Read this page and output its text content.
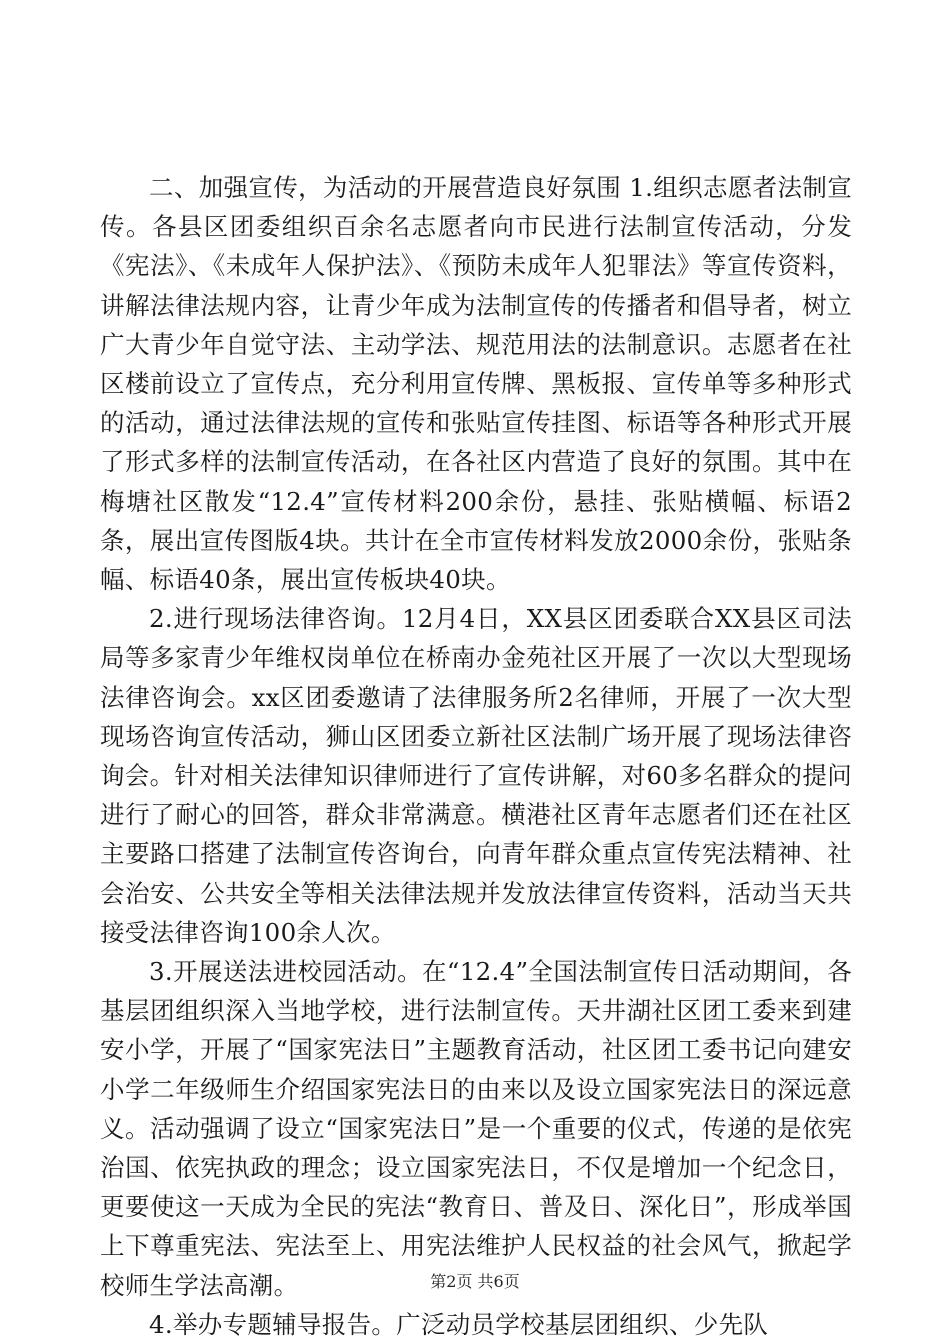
二、加强宣传，为活动的开展营造良好氛围 1.组织志愿者法制宣传。各县区团委组织百余名志愿者向市民进行法制宣传活动，分发《宪法》、《未成年人保护法》、《预防未成年人犯罪法》等宣传资料，讲解法律法规内容，让青少年成为法制宣传的传播者和倡导者，树立广大青少年自觉守法、主动学法、规范用法的法制意识。志愿者在社区楼前设立了宣传点，充分利用宣传牌、黑板报、宣传单等多种形式的活动，通过法律法规的宣传和张贴宣传挂图、标语等各种形式开展了形式多样的法制宣传活动，在各社区内营造了良好的氛围。其中在梅塘社区散发“12.4”宣传材料200余份，悬挂、张贴横幅、标语2条，展出宣传图版4块。共计在全市宣传材料发放2000余份，张贴条幅、标语40条，展出宣传板块40块。

2.进行现场法律咨询。12月4日，XX县区团委联合XX县区司法局等多家青少年维权岗单位在桥南办金苑社区开展了一次以大型现场法律咨询会。xx区团委邀请了法律服务所2名律师，开展了一次大型现场咨询宣传活动，狮山区团委立新社区法制广场开展了现场法律咨询会。针对相关法律知识律师进行了宣传讲解，对60多名群众的提问进行了耐心的回答，群众非常满意。横港社区青年志愿者们还在社区主要路口搭建了法制宣传咨询台，向青年群众重点宣传宪法精神、社会治安、公共安全等相关法律法规并发放法律宣传资料，活动当天共接受法律咨询100余人次。

3.开展送法进校园活动。在“12.4”全国法制宣传日活动期间，各基层团组织深入当地学校，进行法制宣传。天井湖社区团工委来到建安小学，开展了“国家宪法日”主题教育活动，社区团工委书记向建安小学二年级师生介绍国家宪法日的由来以及设立国家宪法日的深远意义。活动强调了设立“国家宪法日”是一个重要的仪式，传递的是依宪治国、依宪执政的理念；设立国家宪法日，不仅是增加一个纪念日，更要使这一天成为全民的宪法“教育日、普及日、深化日”，形成举国上下尊重宪法、宪法至上、用宪法维护人民权益的社会风气，掀起学校师生学法高潮。

4.举办专题辅导报告。广泛动员学校基层团组织、少先队

第2页 共6页
